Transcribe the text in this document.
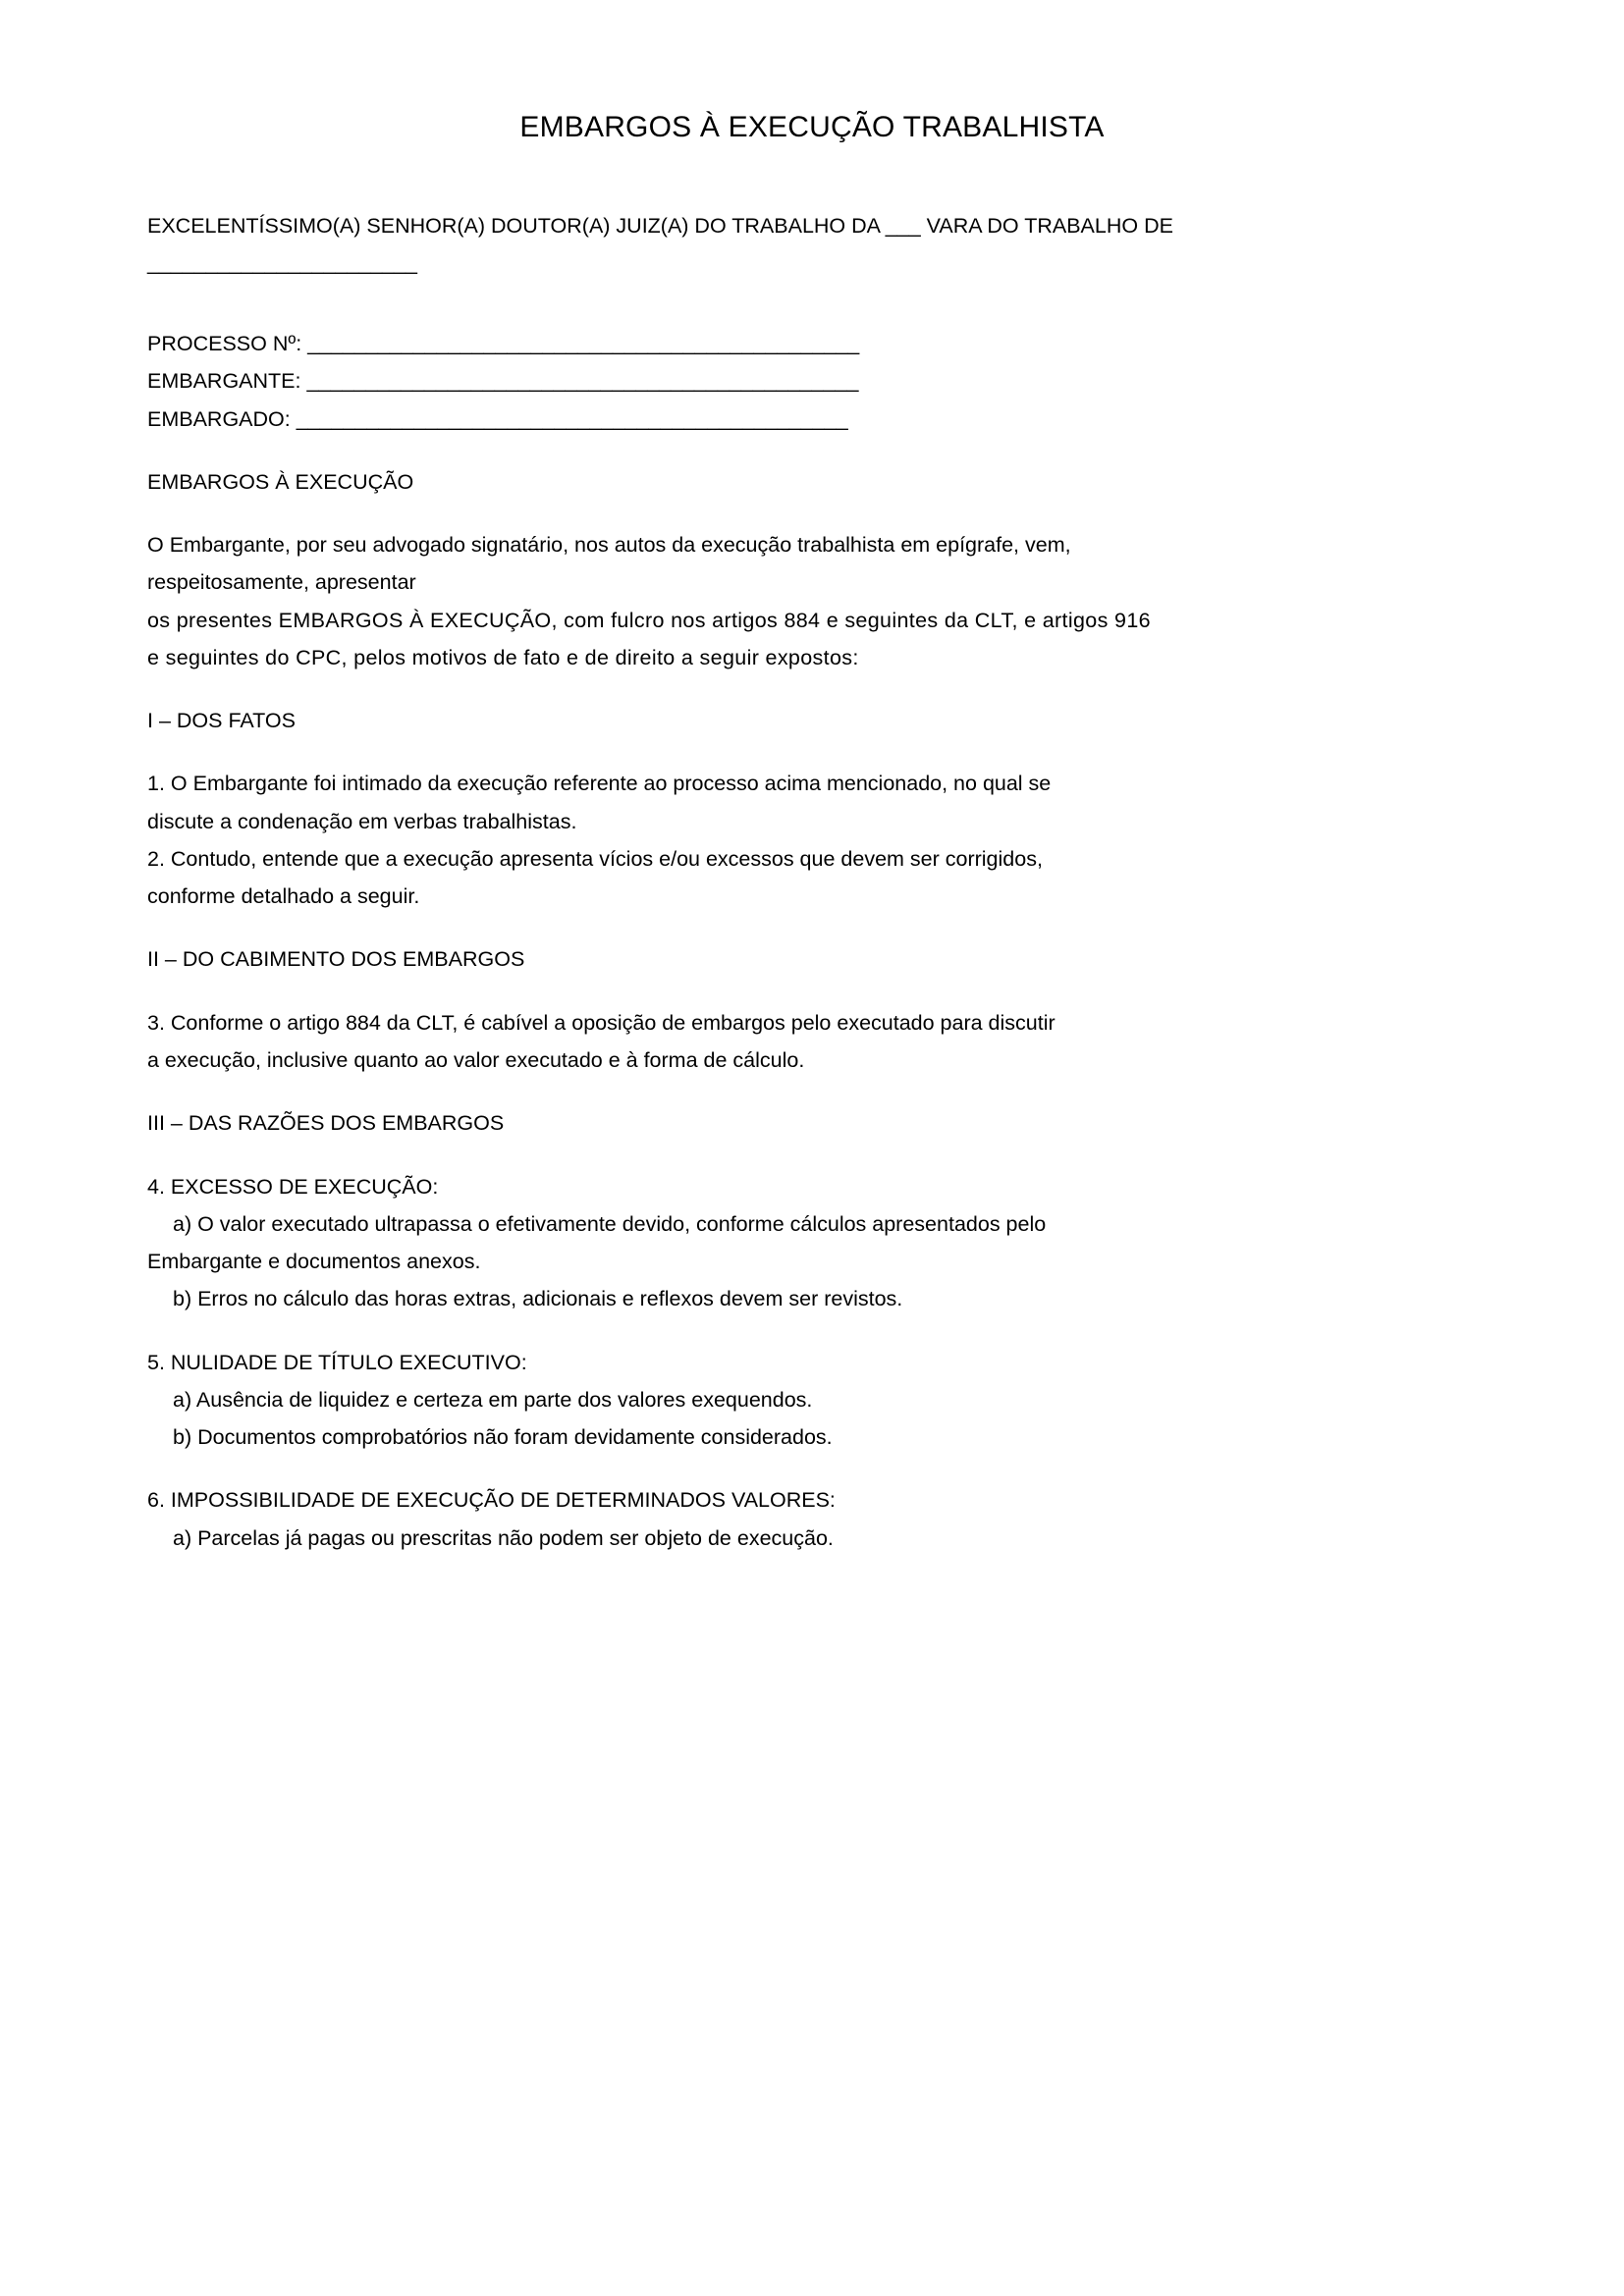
EMBARGOS À EXECUÇÃO TRABALHISTA

EXCELENTÍSSIMO(A) SENHOR(A) DOUTOR(A) JUIZ(A) DO TRABALHO DA ___ VARA DO TRABALHO DE

_______________________

PROCESSO Nº: _______________________________________________

EMBARGANTE: _______________________________________________

EMBARGADO: _______________________________________________

EMBARGOS À EXECUÇÃO

O Embargante, por seu advogado signatário, nos autos da execução trabalhista em epígrafe, vem,

respeitosamente, apresentar

os presentes EMBARGOS À EXECUÇÃO, com fulcro nos artigos 884 e seguintes da CLT, e artigos 916

e seguintes do CPC, pelos motivos de fato e de direito a seguir expostos:

I – DOS FATOS

1. O Embargante foi intimado da execução referente ao processo acima mencionado, no qual se

discute a condenação em verbas trabalhistas.

2. Contudo, entende que a execução apresenta vícios e/ou excessos que devem ser corrigidos,

conforme detalhado a seguir.

II – DO CABIMENTO DOS EMBARGOS

3. Conforme o artigo 884 da CLT, é cabível a oposição de embargos pelo executado para discutir

a execução, inclusive quanto ao valor executado e à forma de cálculo.

III – DAS RAZÕES DOS EMBARGOS

4. EXCESSO DE EXECUÇÃO:

a) O valor executado ultrapassa o efetivamente devido, conforme cálculos apresentados pelo

Embargante e documentos anexos.

b) Erros no cálculo das horas extras, adicionais e reflexos devem ser revistos.

5. NULIDADE DE TÍTULO EXECUTIVO:

a) Ausência de liquidez e certeza em parte dos valores exequendos.

b) Documentos comprobatórios não foram devidamente considerados.

6. IMPOSSIBILIDADE DE EXECUÇÃO DE DETERMINADOS VALORES:

a) Parcelas já pagas ou prescritas não podem ser objeto de execução.
